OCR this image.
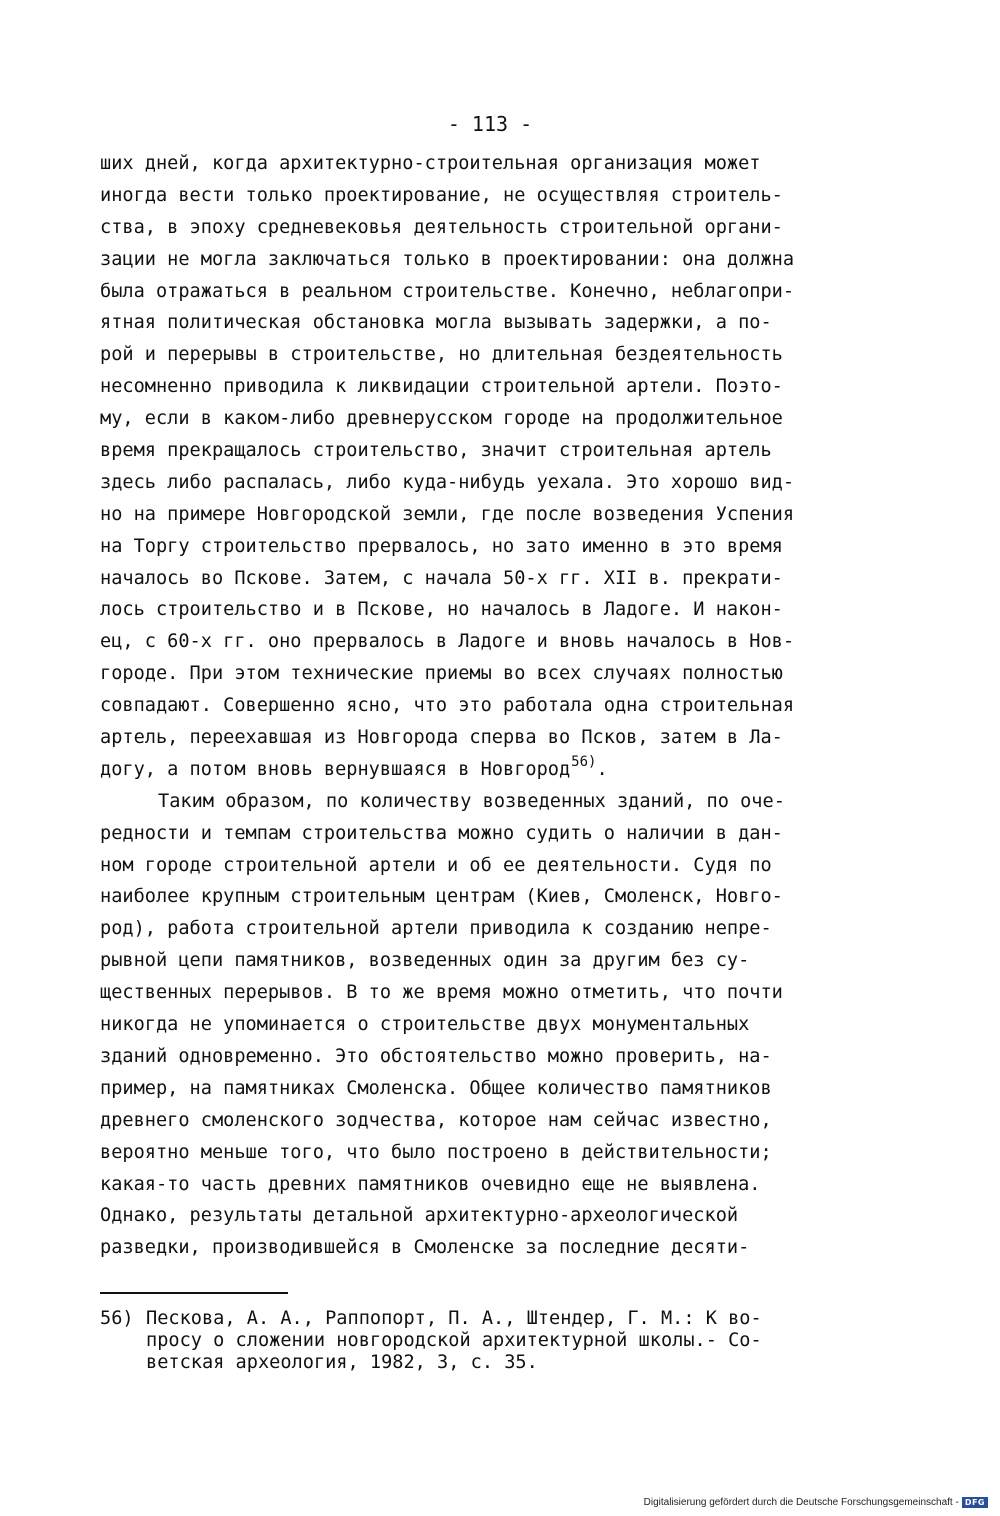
- 113 -
ших дней, когда архитектурно-строительная организация может
иногда вести только проектирование, не осуществляя строитель-
ства, в эпоху средневековья деятельность строительной органи-
зации не могла заключаться только в проектировании: она должна
была отражаться в реальном строительстве. Конечно, неблагопри-
ятная политическая обстановка могла вызывать задержки, а по-
рой и перерывы в строительстве, но длительная бездеятельность
несомненно приводила к ликвидации строительной артели. Поэто-
му, если в каком-либо древнерусском городе на продолжительное
время прекращалось строительство, значит строительная артель
здесь либо распалась, либо куда-нибудь уехала. Это хорошо вид-
но на примере Новгородской земли, где после возведения Успения
на Торгу строительство прервалось, но зато именно в это время
началось во Пскове. Затем, с начала 50-х гг. XII в. прекрати-
лось строительство и в Пскове, но началось в Ладоге. И након-
ец, с 60-х гг. оно прервалось в Ладоге и вновь началось в Нов-
городе. При этом технические приемы во всех случаях полностью
совпадают. Совершенно ясно, что это работала одна строительная
артель, переехавшая из Новгорода сперва во Псков, затем в Ла-
догу, а потом вновь вернувшаяся в Новгород$^{56)}$.
Таким образом, по количеству возведенных зданий, по оче-
редности и темпам строительства можно судить о наличии в дан-
ном городе строительной артели и об ее деятельности. Судя по
наиболее крупным строительным центрам (Киев, Смоленск, Новго-
род), работа строительной артели приводила к созданию непре-
рывной цепи памятников, возведенных один за другим без су-
щественных перерывов. В то же время можно отметить, что почти
никогда не упоминается о строительстве двух монументальных
зданий одновременно. Это обстоятельство можно проверить, на-
пример, на памятниках Смоленска. Общее количество памятников
древнего смоленского зодчества, которое нам сейчас известно,
вероятно меньше того, что было построено в действительности;
какая-то часть древних памятников очевидно еще не выявлена.
Однако, результаты детальной архитектурно-археологической
разведки, производившейся в Смоленске за последние десяти-
56) Пескова, А. А., Раппопорт, П. А., Штендер, Г. М.: К во-
просу о сложении новгородской архитектурной школы.- Со-
ветская археология, 1982, 3, с. 35.
Digitalisierung gefördert durch die Deutsche Forschungsgemeinschaft - DFG
